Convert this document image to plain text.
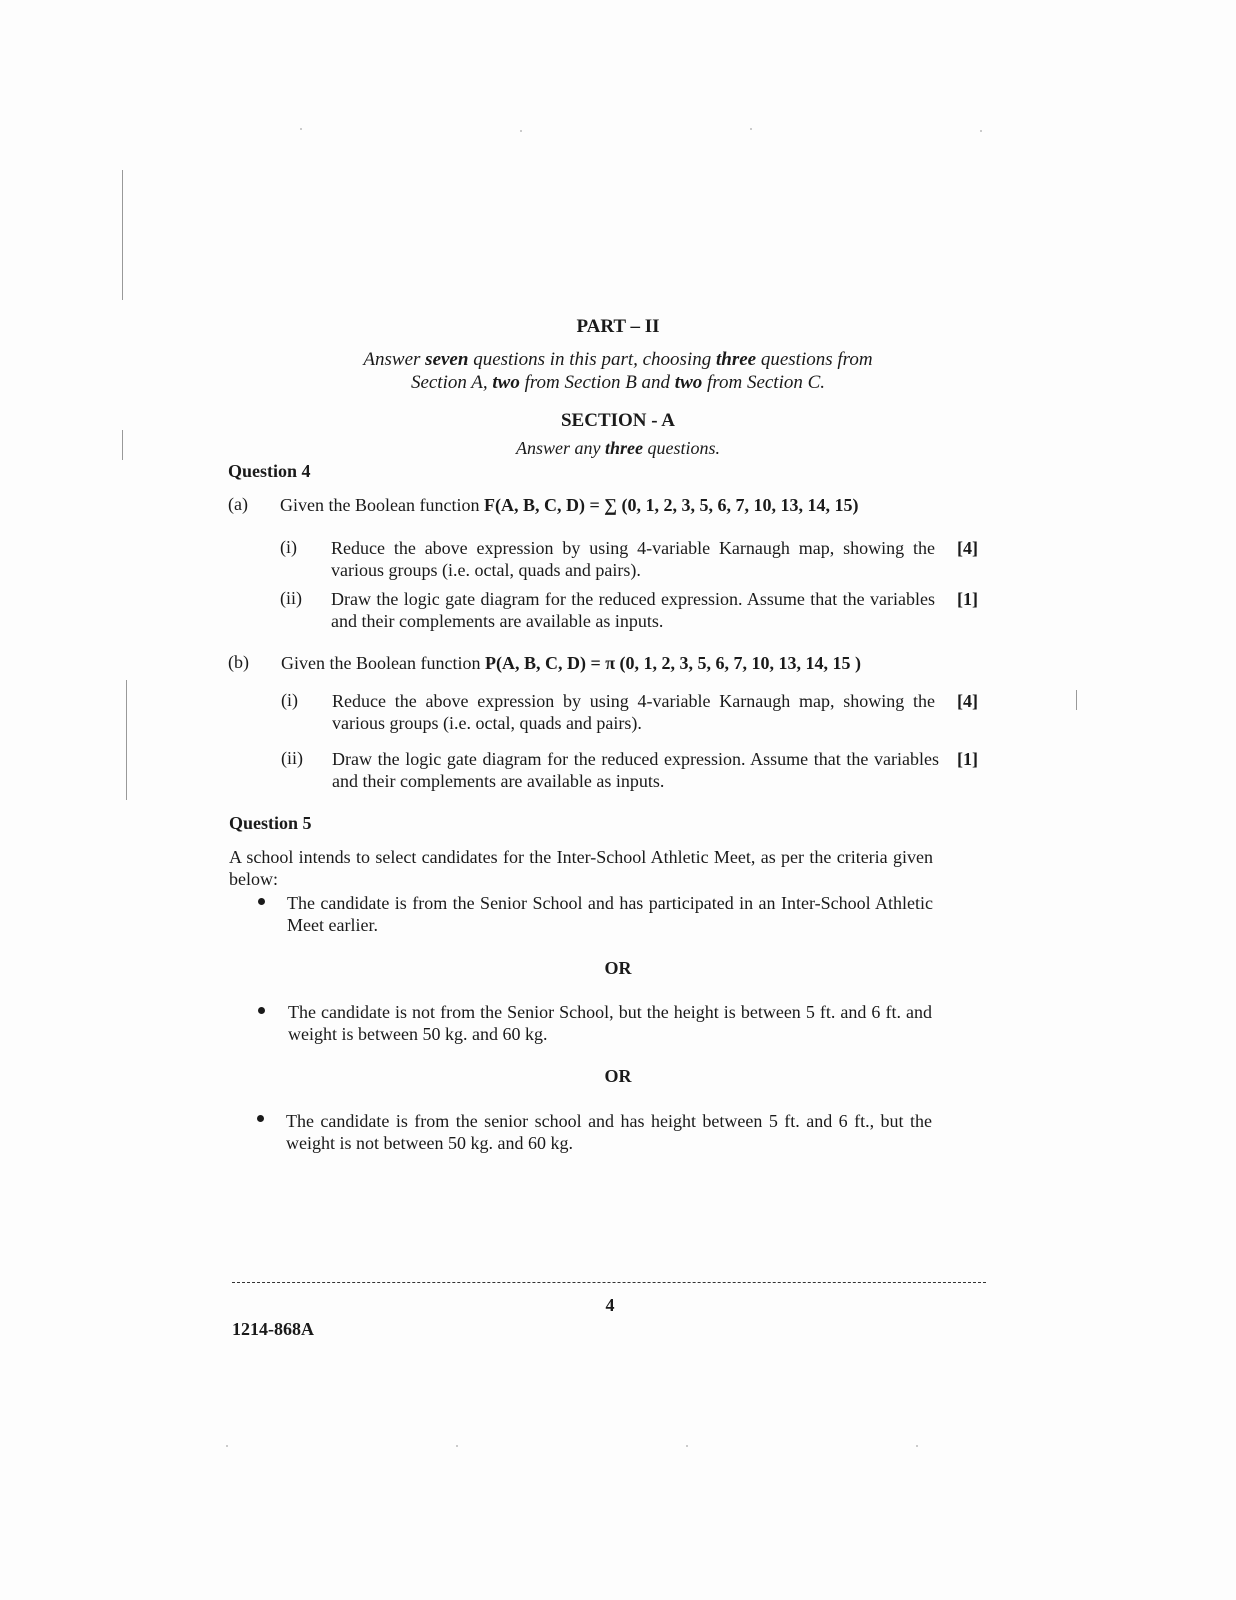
PART – II
Answer seven questions in this part, choosing three questions from
Section A, two from Section B and two from Section C.
SECTION - A
Answer any three questions.
Question 4
(a) Given the Boolean function F(A, B, C, D) = ∑ (0, 1, 2, 3, 5, 6, 7, 10, 13, 14, 15)
(i) Reduce the above expression by using 4-variable Karnaugh map, showing the various groups (i.e. octal, quads and pairs).
[4]
(ii) Draw the logic gate diagram for the reduced expression. Assume that the variables and their complements are available as inputs.
[1]
(b) Given the Boolean function P(A, B, C, D) = π (0, 1, 2, 3, 5, 6, 7, 10, 13, 14, 15 )
(i) Reduce the above expression by using 4-variable Karnaugh map, showing the various groups (i.e. octal, quads and pairs).
[4]
(ii) Draw the logic gate diagram for the reduced expression. Assume that the variables and their complements are available as inputs.
[1]
Question 5
A school intends to select candidates for the Inter-School Athletic Meet, as per the criteria given below:
The candidate is from the Senior School and has participated in an Inter-School Athletic Meet earlier.
OR
The candidate is not from the Senior School, but the height is between 5 ft. and 6 ft. and weight is between 50 kg. and 60 kg.
OR
The candidate is from the senior school and has height between 5 ft. and 6 ft., but the weight is not between 50 kg. and 60 kg.
4
1214-868A
